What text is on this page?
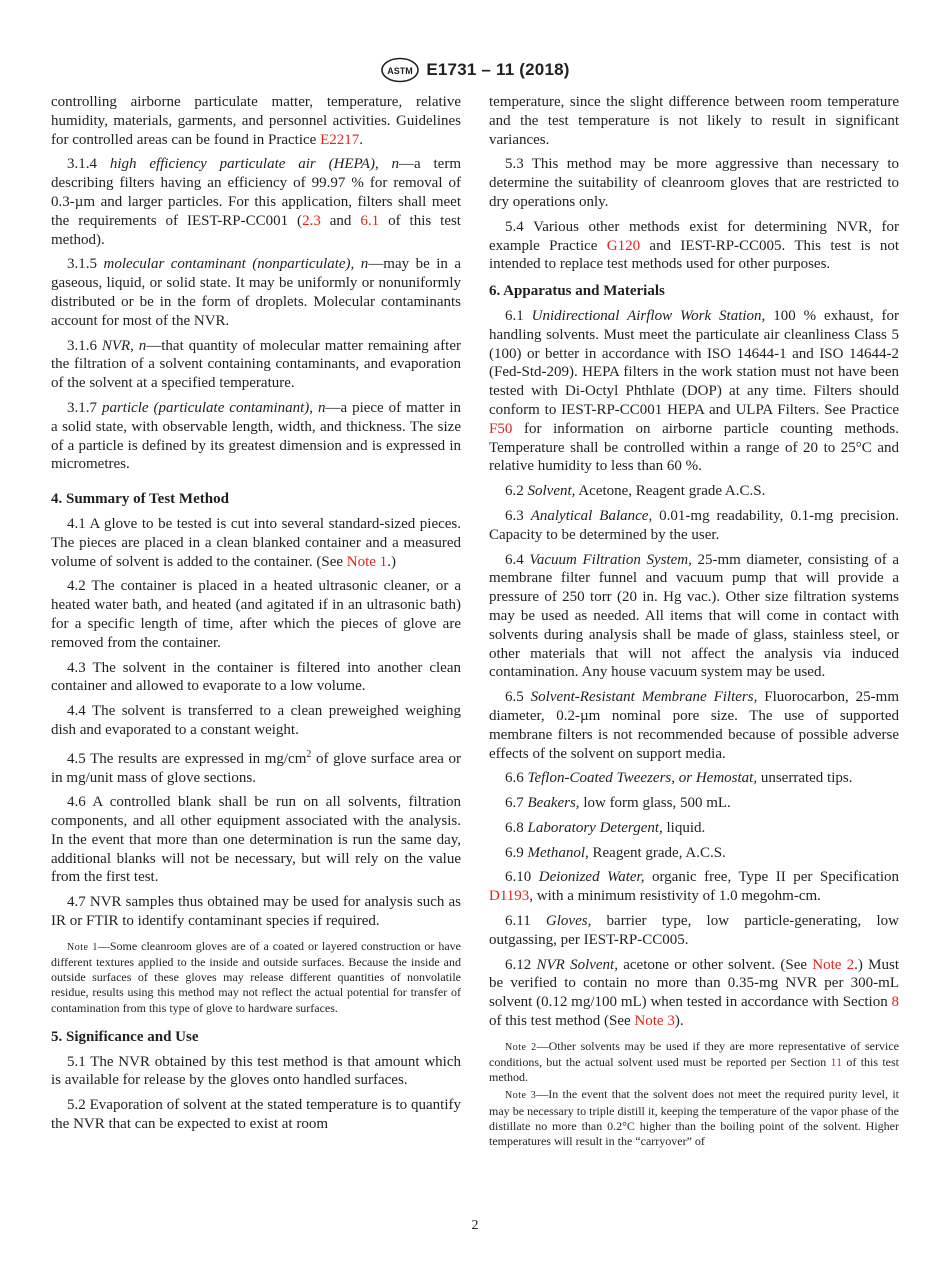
ASTM E1731 – 11 (2018)

controlling airborne particulate matter, temperature, relative humidity, materials, garments, and personnel activities. Guidelines for controlled areas can be found in Practice E2217.

3.1.4 high efficiency particulate air (HEPA), n—a term describing filters having an efficiency of 99.97 % for removal of 0.3-µm and larger particles. For this application, filters shall meet the requirements of IEST-RP-CC001 (2.3 and 6.1 of this test method).

3.1.5 molecular contaminant (nonparticulate), n—may be in a gaseous, liquid, or solid state. It may be uniformly or nonuniformly distributed or be in the form of droplets. Molecular contaminants account for most of the NVR.

3.1.6 NVR, n—that quantity of molecular matter remaining after the filtration of a solvent containing contaminants, and evaporation of the solvent at a specified temperature.

3.1.7 particle (particulate contaminant), n—a piece of matter in a solid state, with observable length, width, and thickness. The size of a particle is defined by its greatest dimension and is expressed in micrometres.

4. Summary of Test Method

4.1 A glove to be tested is cut into several standard-sized pieces. The pieces are placed in a clean blanked container and a measured volume of solvent is added to the container. (See Note 1.)

4.2 The container is placed in a heated ultrasonic cleaner, or a heated water bath, and heated (and agitated if in an ultrasonic bath) for a specific length of time, after which the pieces of glove are removed from the container.

4.3 The solvent in the container is filtered into another clean container and allowed to evaporate to a low volume.

4.4 The solvent is transferred to a clean preweighed weighing dish and evaporated to a constant weight.

4.5 The results are expressed in $mg/cm^2$ of glove surface area or in mg/unit mass of glove sections.

4.6 A controlled blank shall be run on all solvents, filtration components, and all other equipment associated with the analysis. In the event that more than one determination is run the same day, additional blanks will not be necessary, but will rely on the value from the first test.

4.7 NVR samples thus obtained may be used for analysis such as IR or FTIR to identify contaminant species if required.

Note 1—Some cleanroom gloves are of a coated or layered construction or have different textures applied to the inside and outside surfaces. Because the inside and outside surfaces of these gloves may release different quantities of nonvolatile residue, results using this method may not reflect the actual potential for transfer of contamination from this type of glove to hardware surfaces.

5. Significance and Use

5.1 The NVR obtained by this test method is that amount which is available for release by the gloves onto handled surfaces.

5.2 Evaporation of solvent at the stated temperature is to quantify the NVR that can be expected to exist at room

temperature, since the slight difference between room temperature and the test temperature is not likely to result in significant variances.

5.3 This method may be more aggressive than necessary to determine the suitability of cleanroom gloves that are restricted to dry operations only.

5.4 Various other methods exist for determining NVR, for example Practice G120 and IEST-RP-CC005. This test is not intended to replace test methods used for other purposes.

6. Apparatus and Materials

6.1 Unidirectional Airflow Work Station, 100 % exhaust, for handling solvents. Must meet the particulate air cleanliness Class 5 (100) or better in accordance with ISO 14644-1 and ISO 14644-2 (Fed-Std-209). HEPA filters in the work station must not have been tested with Di-Octyl Phthlate (DOP) at any time. Filters should conform to IEST-RP-CC001 HEPA and ULPA Filters. See Practice F50 for information on airborne particle counting methods. Temperature shall be controlled within a range of 20 to 25°C and relative humidity to less than 60 %.

6.2 Solvent, Acetone, Reagent grade A.C.S.

6.3 Analytical Balance, 0.01-mg readability, 0.1-mg precision. Capacity to be determined by the user.

6.4 Vacuum Filtration System, 25-mm diameter, consisting of a membrane filter funnel and vacuum pump that will provide a pressure of 250 torr (20 in. Hg vac.). Other size filtration systems may be used as needed. All items that will come in contact with solvents during analysis shall be made of glass, stainless steel, or other materials that will not affect the analysis via induced contamination. Any house vacuum system may be used.

6.5 Solvent-Resistant Membrane Filters, Fluorocarbon, 25-mm diameter, 0.2-µm nominal pore size. The use of supported membrane filters is not recommended because of possible adverse effects of the solvent on support media.

6.6 Teflon-Coated Tweezers, or Hemostat, unserrated tips.

6.7 Beakers, low form glass, 500 mL.

6.8 Laboratory Detergent, liquid.

6.9 Methanol, Reagent grade, A.C.S.

6.10 Deionized Water, organic free, Type II per Specification D1193, with a minimum resistivity of 1.0 megohm-cm.

6.11 Gloves, barrier type, low particle-generating, low outgassing, per IEST-RP-CC005.

6.12 NVR Solvent, acetone or other solvent. (See Note 2.) Must be verified to contain no more than 0.35-mg NVR per 300-mL solvent (0.12 mg/100 mL) when tested in accordance with Section 8 of this test method (See Note 3).

Note 2—Other solvents may be used if they are more representative of service conditions, but the actual solvent used must be reported per Section 11 of this test method.

Note 3—In the event that the solvent does not meet the required purity level, it may be necessary to triple distill it, keeping the temperature of the vapor phase of the distillate no more than 0.2°C higher than the boiling point of the solvent. Higher temperatures will result in the “carryover” of

2
